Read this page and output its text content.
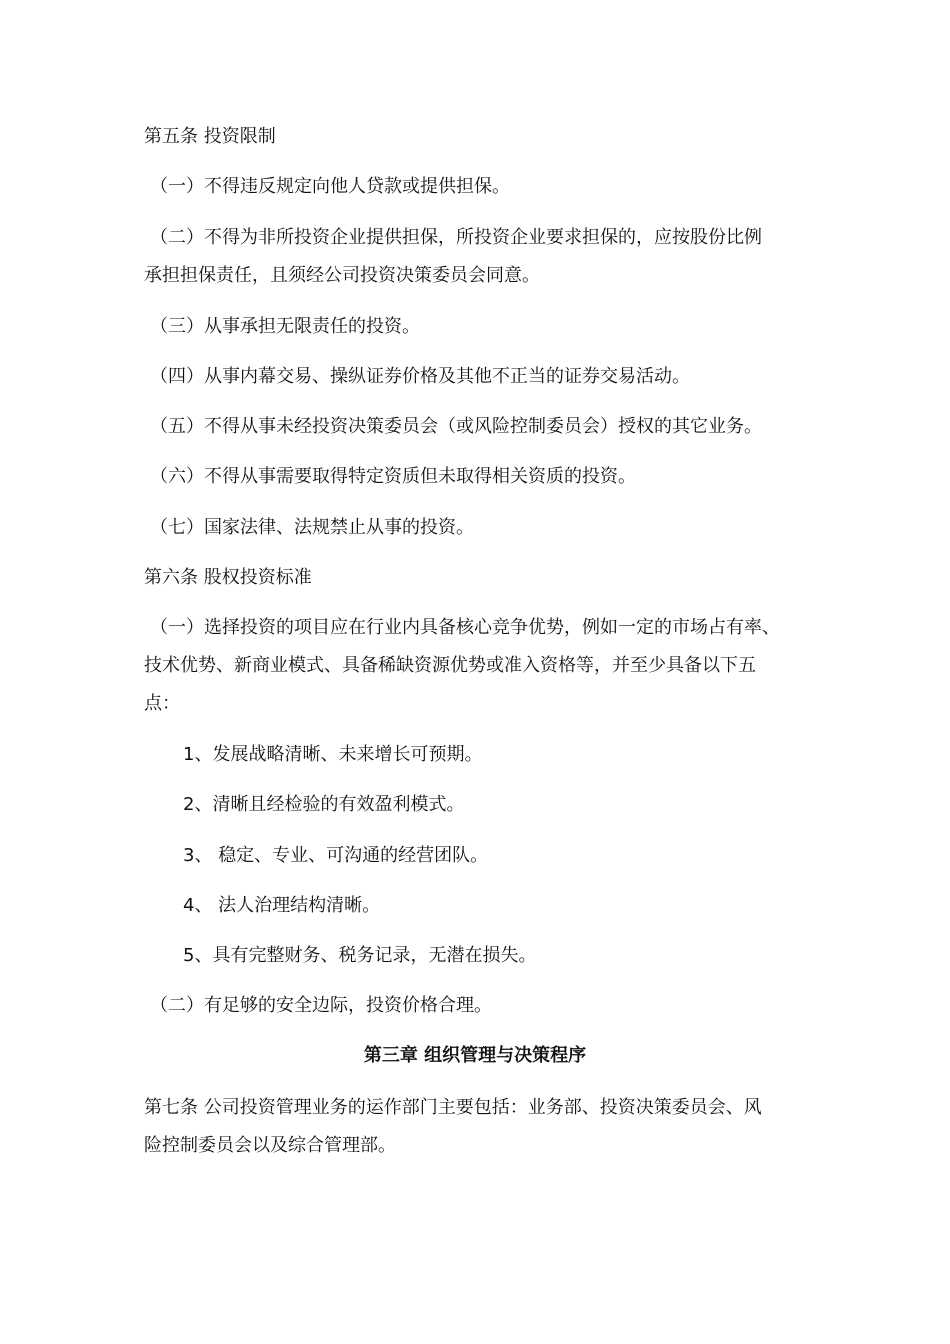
第五条 投资限制
（一）不得违反规定向他人贷款或提供担保。
（二）不得为非所投资企业提供担保，所投资企业要求担保的，应按股份比例
承担担保责任，且须经公司投资决策委员会同意。
（三）从事承担无限责任的投资。
（四）从事内幕交易、操纵证券价格及其他不正当的证券交易活动。
（五）不得从事未经投资决策委员会（或风险控制委员会）授权的其它业务。
（六）不得从事需要取得特定资质但未取得相关资质的投资。
（七）国家法律、法规禁止从事的投资。
第六条 股权投资标准
（一）选择投资的项目应在行业内具备核心竞争优势，例如一定的市场占有率、
技术优势、新商业模式、具备稀缺资源优势或准入资格等，并至少具备以下五
点：
1、发展战略清晰、未来增长可预期。
2、清晰且经检验的有效盈利模式。
3、 稳定、专业、可沟通的经营团队。
4、 法人治理结构清晰。
5、具有完整财务、税务记录，无潜在损失。
（二）有足够的安全边际，投资价格合理。
第三章 组织管理与决策程序
第七条 公司投资管理业务的运作部门主要包括：业务部、投资决策委员会、风
险控制委员会以及综合管理部。
